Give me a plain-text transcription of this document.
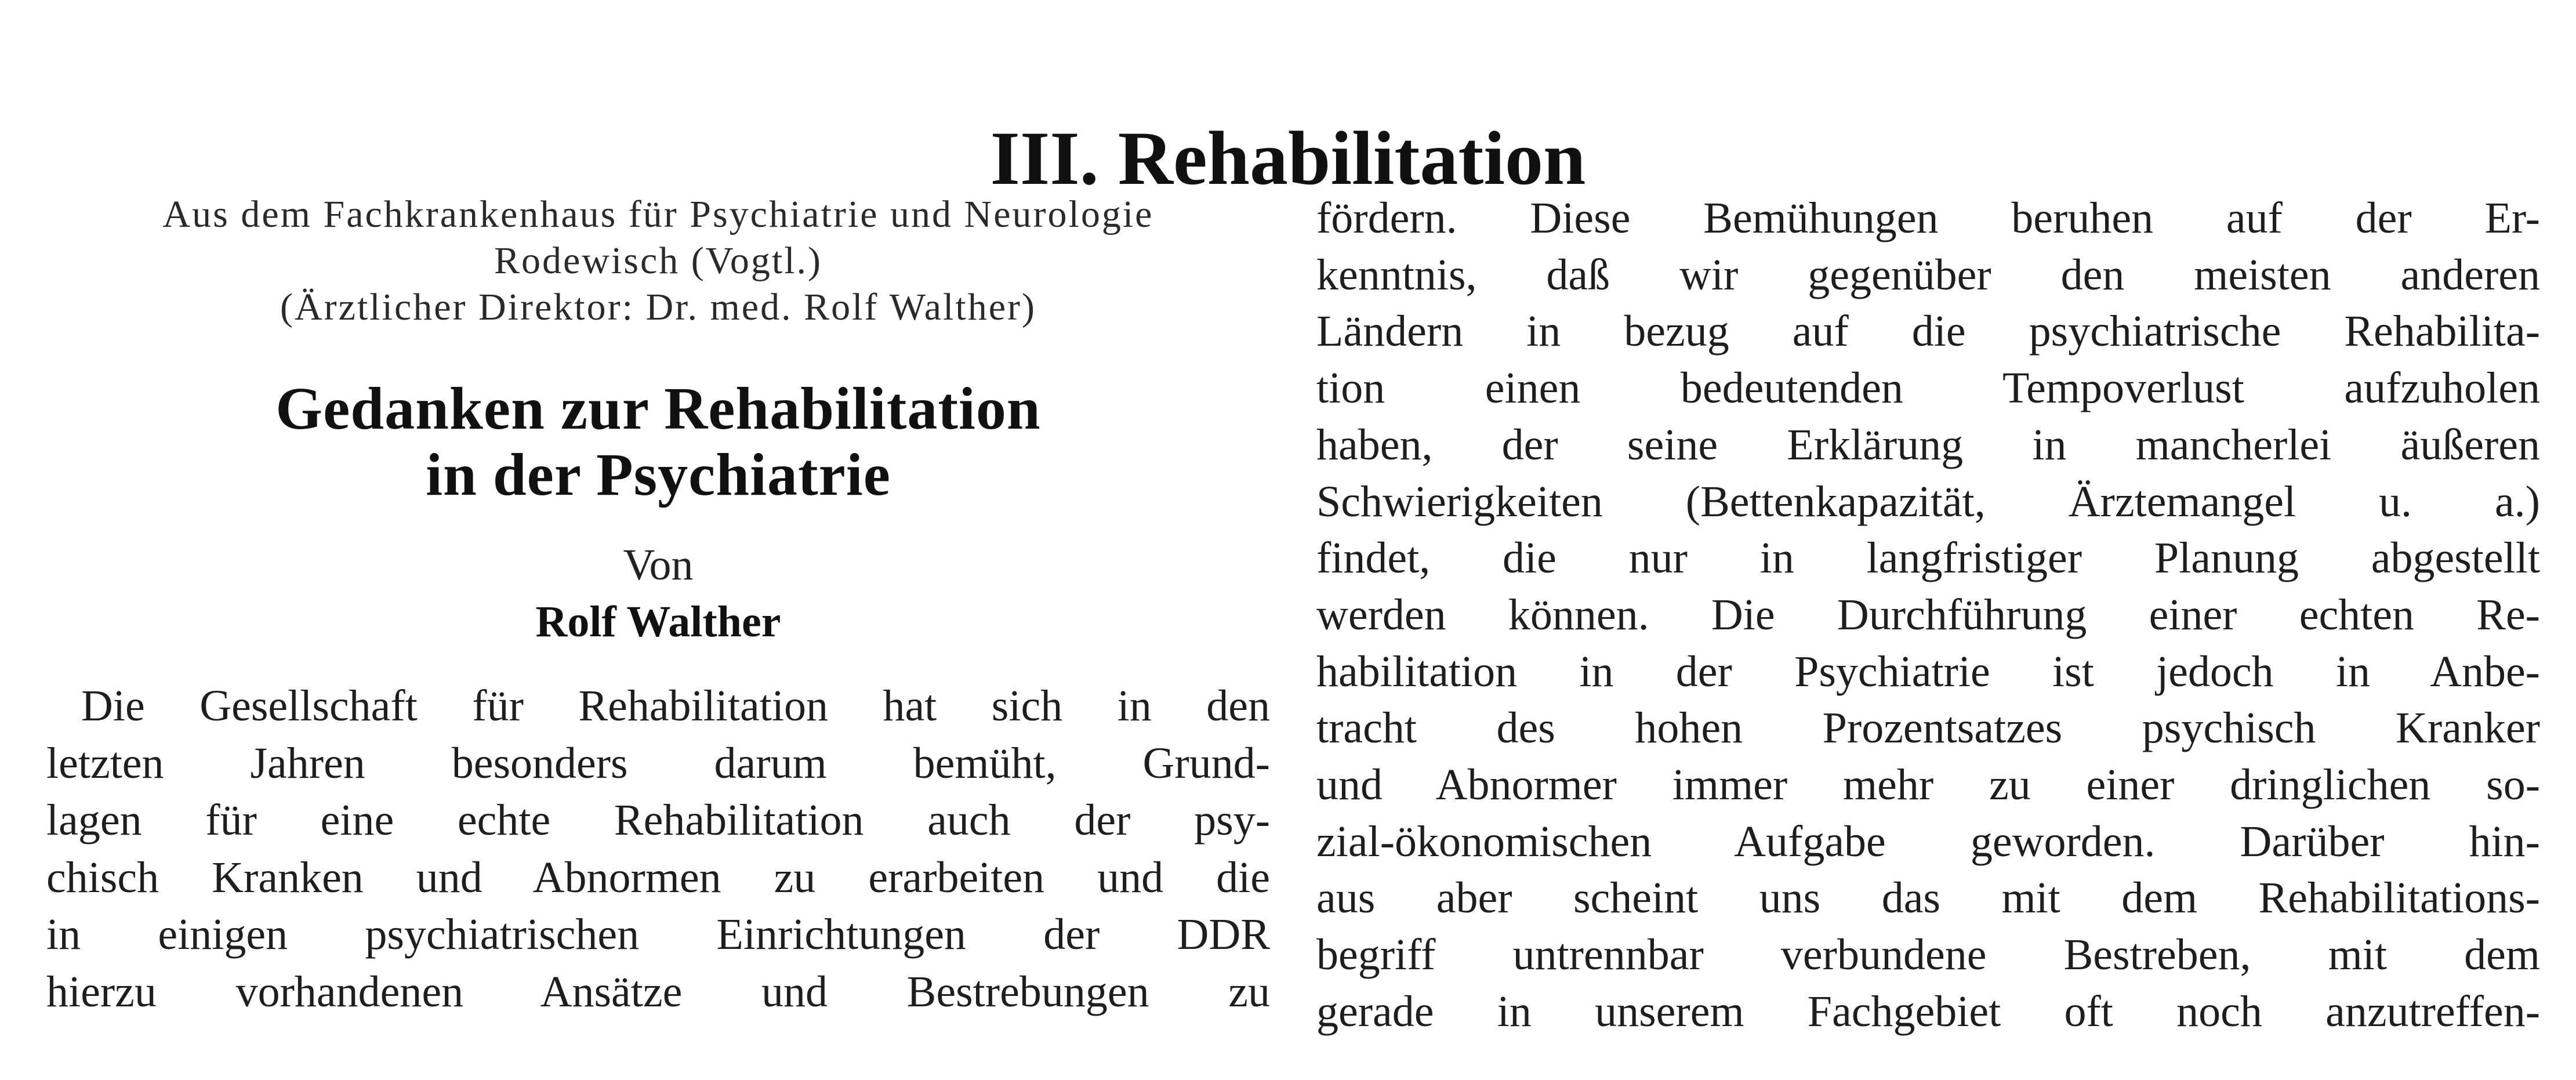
III. Rehabilitation

Aus dem Fachkrankenhaus für Psychiatrie und Neurologie

Rodewisch (Vogtl.)

(Ärztlicher Direktor: Dr. med. Rolf Walther)

Gedanken zur Rehabilitation
in der Psychiatrie

Von

Rolf Walther

Die Gesellschaft für Rehabilitation hat sich in den
letzten Jahren besonders darum bemüht, Grund-
lagen für eine echte Rehabilitation auch der psy-
chisch Kranken und Abnormen zu erarbeiten und die
in einigen psychiatrischen Einrichtungen der DDR
hierzu vorhandenen Ansätze und Bestrebungen zu
fördern. Diese Bemühungen beruhen auf der Er-
kenntnis, daß wir gegenüber den meisten anderen
Ländern in bezug auf die psychiatrische Rehabilita-
tion einen bedeutenden Tempoverlust aufzuholen
haben, der seine Erklärung in mancherlei äußeren
Schwierigkeiten (Bettenkapazität, Ärztemangel u. a.)
findet, die nur in langfristiger Planung abgestellt
werden können. Die Durchführung einer echten Re-
habilitation in der Psychiatrie ist jedoch in Anbe-
tracht des hohen Prozentsatzes psychisch Kranker
und Abnormer immer mehr zu einer dringlichen so-
zial-ökonomischen Aufgabe geworden. Darüber hin-
aus aber scheint uns das mit dem Rehabilitations-
begriff untrennbar verbundene Bestreben, mit dem
gerade in unserem Fachgebiet oft noch anzutreffen-
